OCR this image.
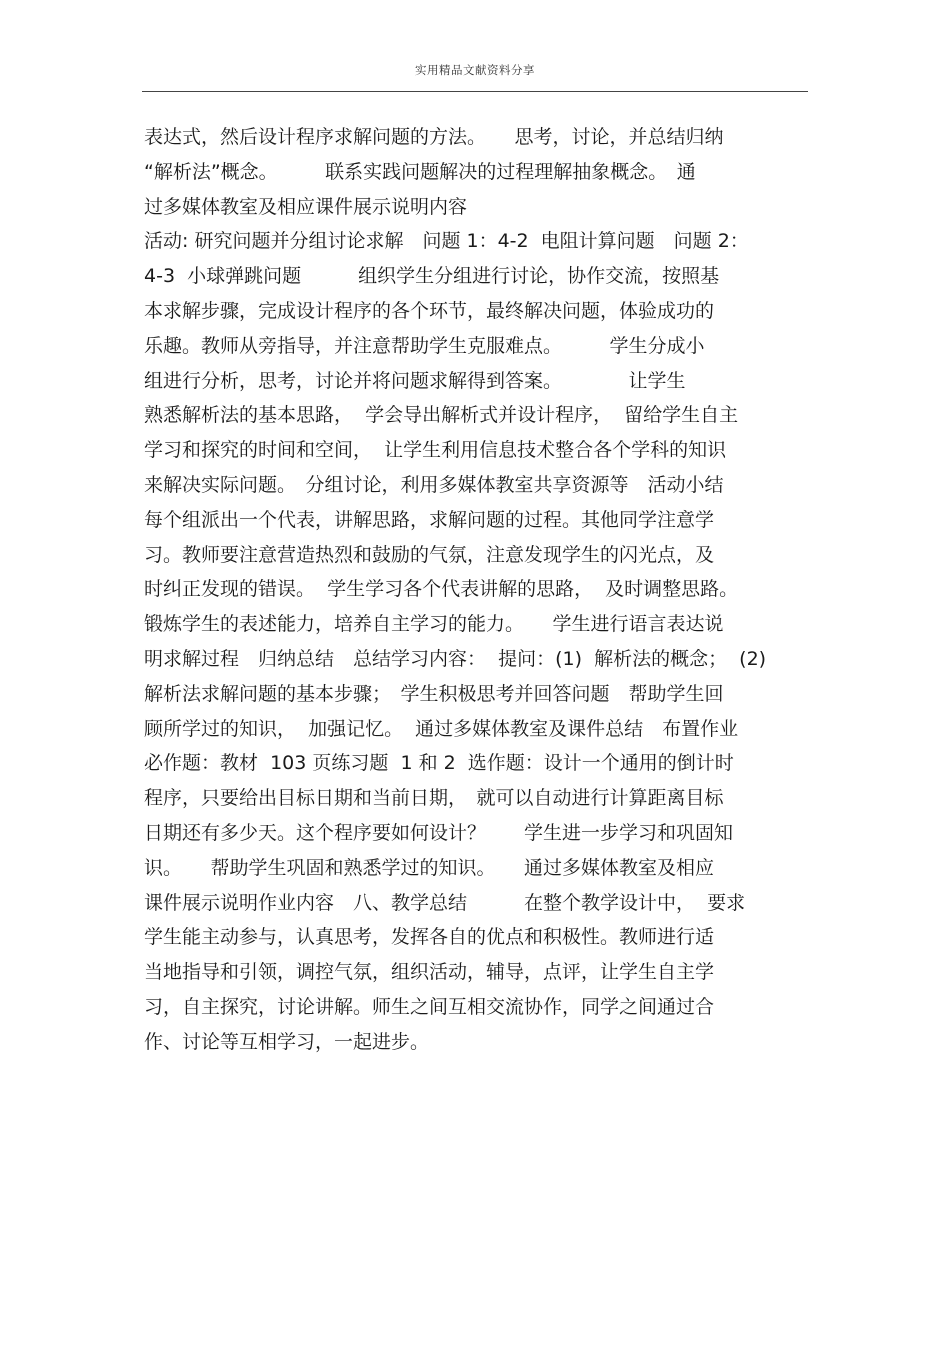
实用精品文献资料分享
表达式，然后设计程序求解问题的方法。　　思考，讨论，并总结归纳
“解析法”概念。　　　联系实践问题解决的过程理解抽象概念。　通
过多媒体教室及相应课件展示说明内容
活动: 研究问题并分组讨论求解　问题 1：4-2  电阻计算问题　问题 2：
4-3  小球弹跳问题　　　组织学生分组进行讨论，协作交流，按照基
本求解步骤，完成设计程序的各个环节，最终解决问题，体验成功的
乐趣。教师从旁指导，并注意帮助学生克服难点。　　　学生分成小
组进行分析，思考，讨论并将问题求解得到答案。　　　　让学生
熟悉解析法的基本思路，  学会导出解析式并设计程序，  留给学生自主
学习和探究的时间和空间，  让学生利用信息技术整合各个学科的知识
来解决实际问题。　分组讨论，利用多媒体教室共享资源等　活动小结
每个组派出一个代表，讲解思路，求解问题的过程。其他同学注意学
习。教师要注意营造热烈和鼓励的气氛，注意发现学生的闪光点，及
时纠正发现的错误。  学生学习各个代表讲解的思路，  及时调整思路。
锻炼学生的表述能力，培养自主学习的能力。　　学生进行语言表达说
明求解过程　归纳总结　总结学习内容：  提问：(1)  解析法的概念；  (2)
解析法求解问题的基本步骤；　学生积极思考并回答问题　帮助学生回
顾所学过的知识，  加强记忆。  通过多媒体教室及课件总结　布置作业
必作题：教材  103 页练习题  1 和 2  选作题：设计一个通用的倒计时
程序，只要给出目标日期和当前日期，　就可以自动进行计算距离目标
日期还有多少天。这个程序要如何设计？　　学生进一步学习和巩固知
识。　　帮助学生巩固和熟悉学过的知识。　　通过多媒体教室及相应
课件展示说明作业内容　八、教学总结　　　在整个教学设计中，  要求
学生能主动参与，认真思考，发挥各自的优点和积极性。教师进行适
当地指导和引领，调控气氛，组织活动，辅导，点评，让学生自主学
习，自主探究，讨论讲解。师生之间互相交流协作，同学之间通过合
作、讨论等互相学习，一起进步。
